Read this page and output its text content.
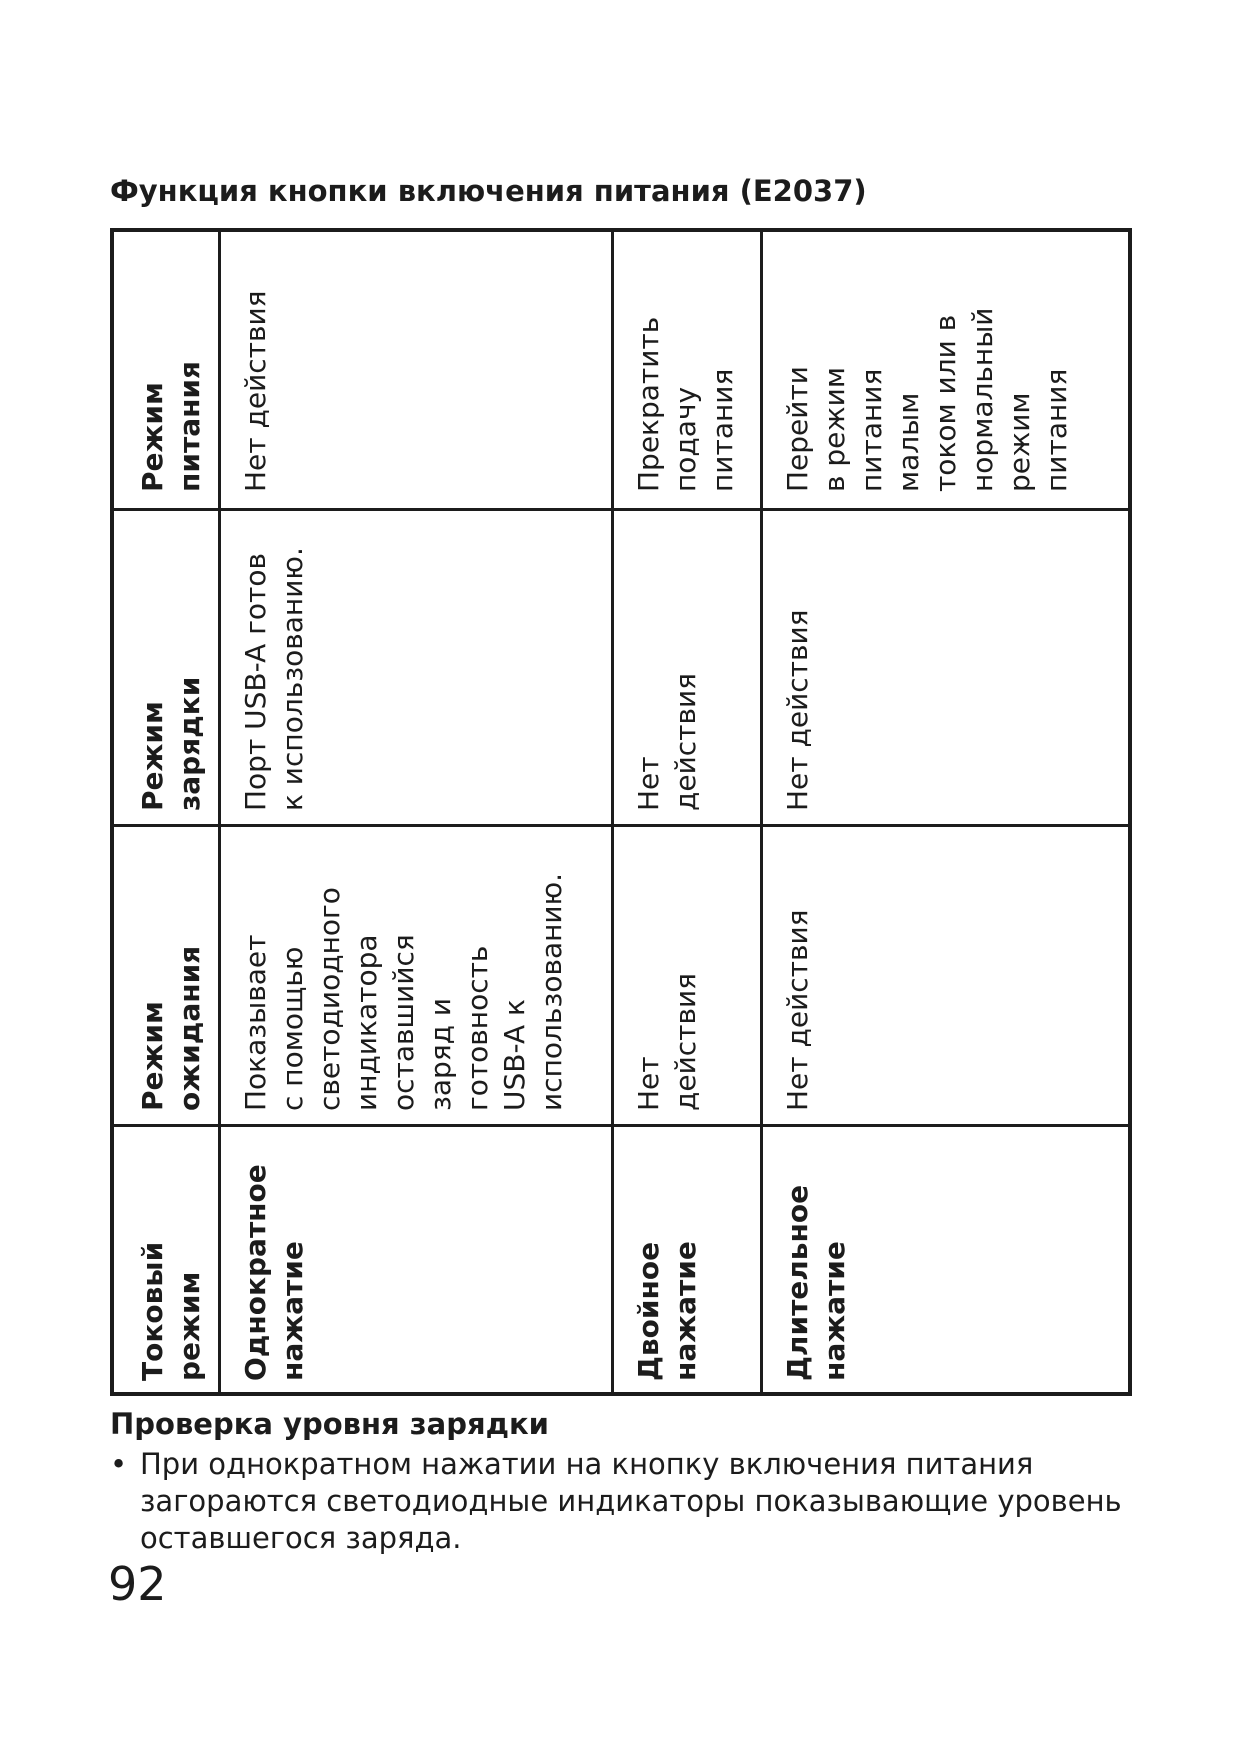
Функция кнопки включения питания (E2037)
Режим
питания
Режим зарядки
Режим
ожидания
Токовый
режим
Нет действия
Порт USB-A готов
к использованию.
Показывает
с помощью
светодиодного
индикатора
оставшийся
заряд и
готовность
USB-A к
использованию.
Однократное
нажатие
Прекратить
подачу
питания
Нет действия
Нет действия
Двойное
нажатие
Перейти
в режим
питания
малым
током или в
нормальный
режим
питания
Нет действия
Нет действия
Длительное
нажатие
Проверка уровня зарядки
• При однократном нажатии на кнопку включения питания загораются светодиодные индикаторы показывающие уровень оставшегося заряда.
92
